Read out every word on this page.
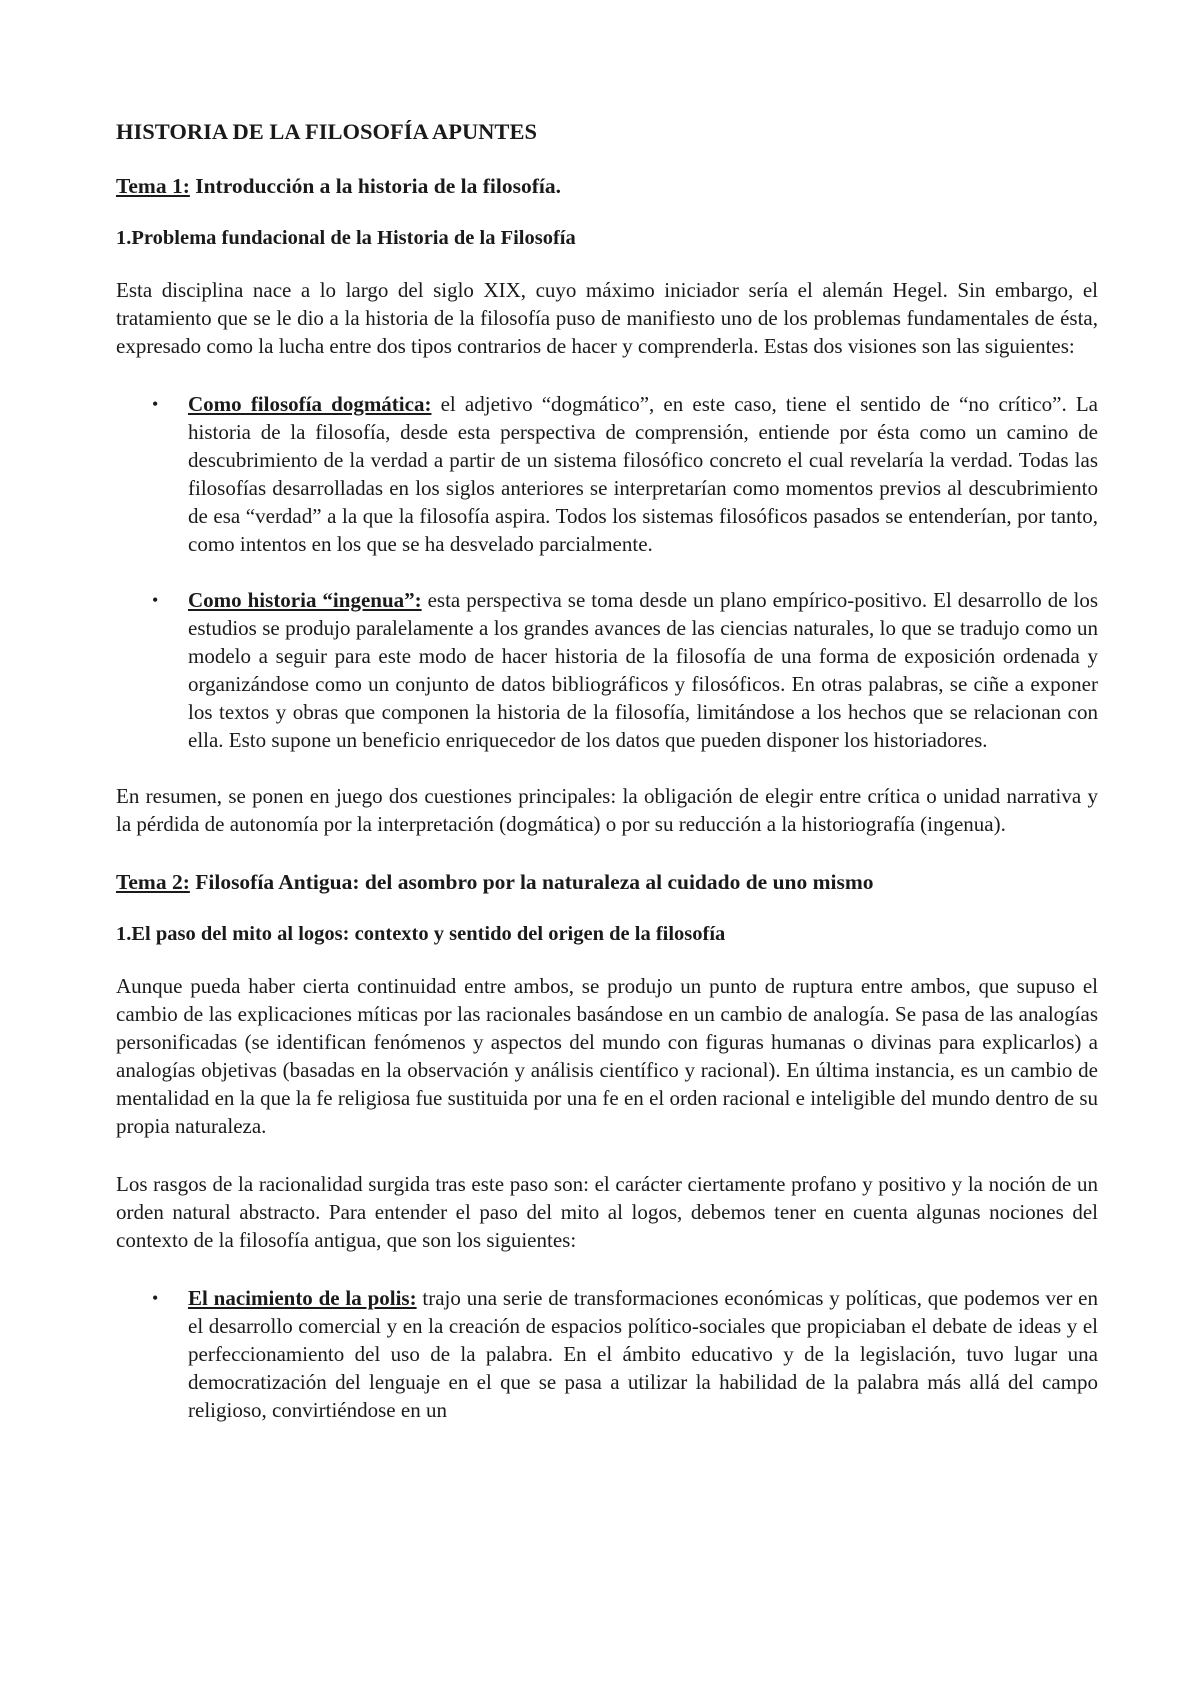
HISTORIA DE LA FILOSOFÍA APUNTES
Tema 1: Introducción a la historia de la filosofía.
1.Problema fundacional de la Historia de la Filosofía

Esta disciplina nace a lo largo del siglo XIX, cuyo máximo iniciador sería el alemán Hegel. Sin embargo, el tratamiento que se le dio a la historia de la filosofía puso de manifiesto uno de los problemas fundamentales de ésta, expresado como la lucha entre dos tipos contrarios de hacer y comprenderla. Estas dos visiones son las siguientes:

• Como filosofía dogmática: el adjetivo “dogmático”, en este caso, tiene el sentido de “no crítico”. La historia de la filosofía, desde esta perspectiva de comprensión, entiende por ésta como un camino de descubrimiento de la verdad a partir de un sistema filosófico concreto el cual revelaría la verdad. Todas las filosofías desarrolladas en los siglos anteriores se interpretarían como momentos previos al descubrimiento de esa “verdad” a la que la filosofía aspira. Todos los sistemas filosóficos pasados se entenderían, por tanto, como intentos en los que se ha desvelado parcialmente.
• Como historia “ingenua”: esta perspectiva se toma desde un plano empírico-positivo. El desarrollo de los estudios se produjo paralelamente a los grandes avances de las ciencias naturales, lo que se tradujo como un modelo a seguir para este modo de hacer historia de la filosofía de una forma de exposición ordenada y organizándose como un conjunto de datos bibliográficos y filosóficos. En otras palabras, se ciñe a exponer los textos y obras que componen la historia de la filosofía, limitándose a los hechos que se relacionan con ella. Esto supone un beneficio enriquecedor de los datos que pueden disponer los historiadores.

En resumen, se ponen en juego dos cuestiones principales: la obligación de elegir entre crítica o unidad narrativa y la pérdida de autonomía por la interpretación (dogmática) o por su reducción a la historiografía (ingenua).

Tema 2: Filosofía Antigua: del asombro por la naturaleza al cuidado de uno mismo
1.El paso del mito al logos: contexto y sentido del origen de la filosofía

Aunque pueda haber cierta continuidad entre ambos, se produjo un punto de ruptura entre ambos, que supuso el cambio de las explicaciones míticas por las racionales basándose en un cambio de analogía. Se pasa de las analogías personificadas (se identifican fenómenos y aspectos del mundo con figuras humanas o divinas para explicarlos) a analogías objetivas (basadas en la observación y análisis científico y racional). En última instancia, es un cambio de mentalidad en la que la fe religiosa fue sustituida por una fe en el orden racional e inteligible del mundo dentro de su propia naturaleza.

Los rasgos de la racionalidad surgida tras este paso son: el carácter ciertamente profano y positivo y la noción de un orden natural abstracto. Para entender el paso del mito al logos, debemos tener en cuenta algunas nociones del contexto de la filosofía antigua, que son los siguientes:

• El nacimiento de la polis: trajo una serie de transformaciones económicas y políticas, que podemos ver en el desarrollo comercial y en la creación de espacios político-sociales que propiciaban el debate de ideas y el perfeccionamiento del uso de la palabra. En el ámbito educativo y de la legislación, tuvo lugar una democratización del lenguaje en el que se pasa a utilizar la habilidad de la palabra más allá del campo religioso, convirtiéndose en un
